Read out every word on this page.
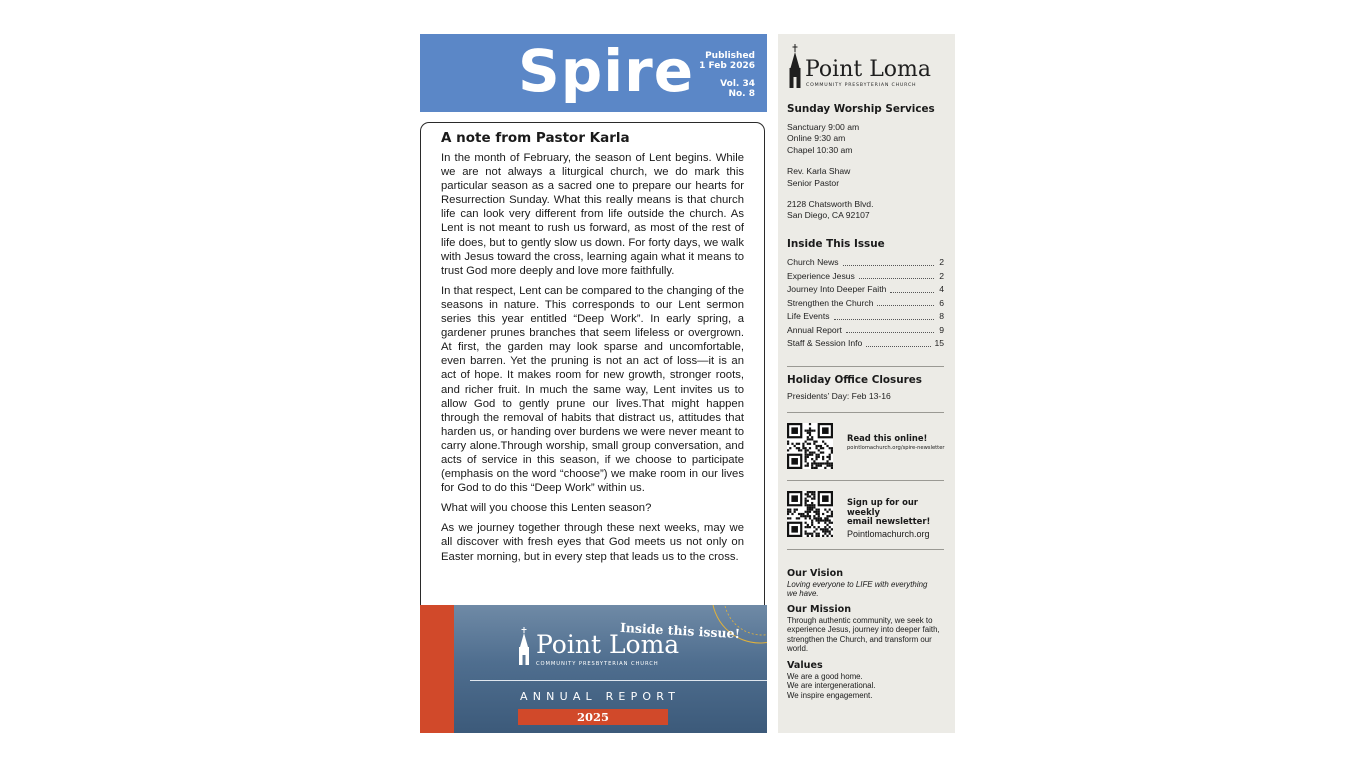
Spire	Published
1 Feb 2026
Vol. 34
No. 8
A note from Pastor Karla

In the month of February, the season of Lent begins. While we are not always a liturgical church, we do mark this particular season as a sacred one to prepare our hearts for Resurrection Sunday. What this really means is that church life can look very different from life outside the church. As Lent is not meant to rush us forward, as most of the rest of life does, but to gently slow us down. For forty days, we walk with Jesus toward the cross, learning again what it means to trust God more deeply and love more faithfully.

In that respect, Lent can be compared to the changing of the seasons in nature. This corresponds to our Lent sermon series this year entitled “Deep Work”. In early spring, a gardener prunes branches that seem lifeless or overgrown. At first, the garden may look sparse and uncomfortable, even barren. Yet the pruning is not an act of loss—it is an act of hope. It makes room for new growth, stronger roots, and richer fruit. In much the same way, Lent invites us to allow God to gently prune our lives.That might happen through the removal of habits that distract us, attitudes that harden us, or handing over burdens we were never meant to carry alone.Through worship, small group conversation, and acts of service in this season, if we choose to participate (emphasis on the word “choose”) we make room in our lives for God to do this “Deep Work” within us.

What will you choose this Lenten season?

As we journey together through these next weeks, may we all discover with fresh eyes that God meets us not only on Easter morning, but in every step that leads us to the cross.

Inside this issue!
Point Loma
COMMUNITY PRESBYTERIAN CHURCH
ANNUAL REPORT
2025
Point Loma
COMMUNITY PRESBYTERIAN CHURCH

Sunday Worship Services

Sanctuary 9:00 am

Online 9:30 am

Chapel 10:30 am

Rev. Karla Shaw

Senior Pastor

2128 Chatsworth Blvd.

San Diego, CA 92107

Inside This Issue

Church News	2
Experience Jesus	2
Journey Into Deeper Faith	4
Strengthen the Church	6
Life Events	8
Annual Report	9
Staff & Session Info	15

Holiday Office Closures

Presidents’ Day: Feb 13-16

Read this online!

pointlomachurch.org/spire-newsletter

Sign up for our weekly

email newsletter!

Pointlomachurch.org

Our Vision

Loving everyone to LIFE with everything

we have.

Our Mission

Through authentic community, we seek to

experience Jesus, journey into deeper faith,

strengthen the Church, and transform our

world.

Values

We are a good home.

We are intergenerational.

We inspire engagement.
